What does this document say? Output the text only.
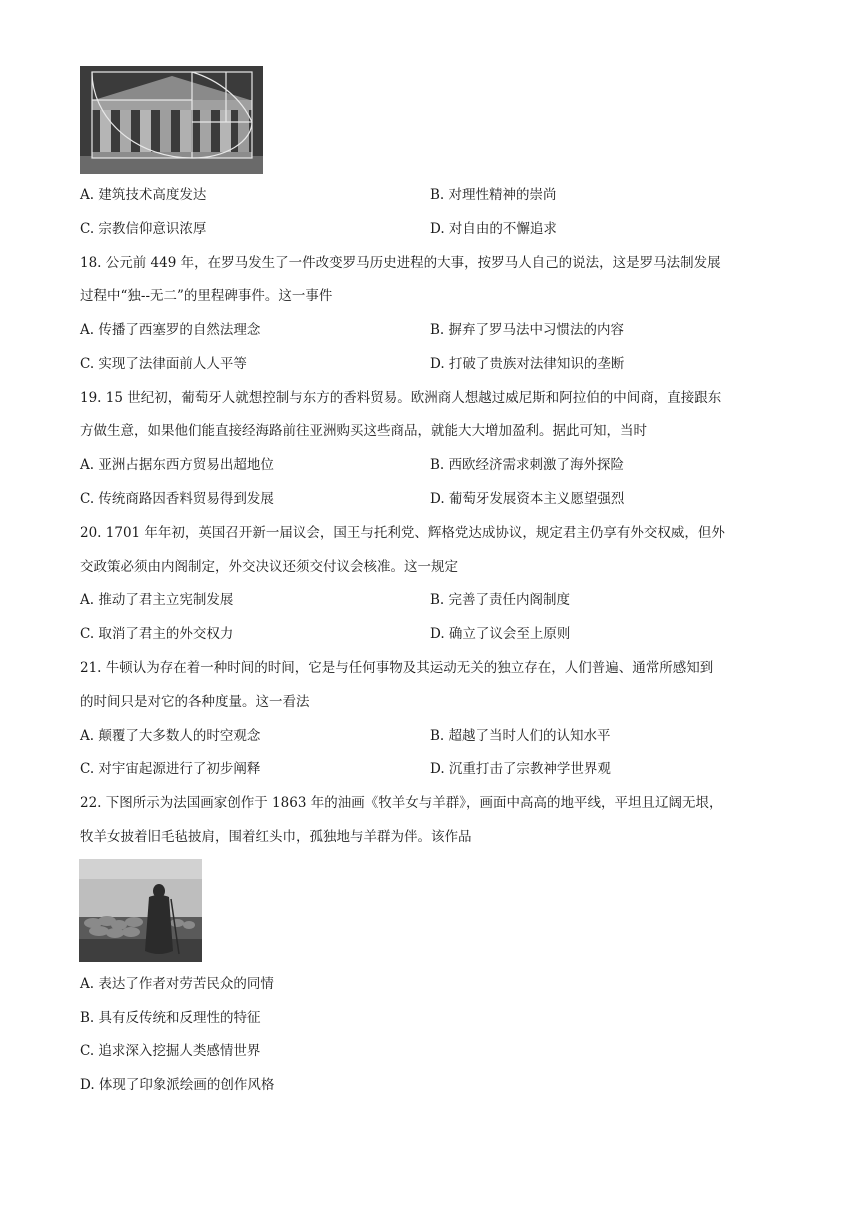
A. 建筑技术高度发达	B. 对理性精神的崇尚
C. 宗教信仰意识浓厚	D. 对自由的不懈追求
18. 公元前 449 年，在罗马发生了一件改变罗马历史进程的大事，按罗马人自己的说法，这是罗马法制发展
过程中“独--无二”的里程碑事件。这一事件
A. 传播了西塞罗的自然法理念	B. 摒弃了罗马法中习惯法的内容
C. 实现了法律面前人人平等	D. 打破了贵族对法律知识的垄断
19. 15 世纪初，葡萄牙人就想控制与东方的香料贸易。欧洲商人想越过威尼斯和阿拉伯的中间商，直接跟东
方做生意，如果他们能直接经海路前往亚洲购买这些商品，就能大大增加盈利。据此可知，当时
A. 亚洲占据东西方贸易出超地位	B. 西欧经济需求刺激了海外探险
C. 传统商路因香料贸易得到发展	D. 葡萄牙发展资本主义愿望强烈
20. 1701 年年初，英国召开新一届议会，国王与托利党、辉格党达成协议，规定君主仍享有外交权威，但外
交政策必须由内阁制定，外交决议还须交付议会核准。这一规定
A. 推动了君主立宪制发展	B. 完善了责任内阁制度
C. 取消了君主的外交权力	D. 确立了议会至上原则
21. 牛顿认为存在着一种时间的时间，它是与任何事物及其运动无关的独立存在，人们普遍、通常所感知到
的时间只是对它的各种度量。这一看法
A. 颠覆了大多数人的时空观念	B. 超越了当时人们的认知水平
C. 对宇宙起源进行了初步阐释	D. 沉重打击了宗教神学世界观
22. 下图所示为法国画家创作于 1863 年的油画《牧羊女与羊群》，画面中高高的地平线，平坦且辽阔无垠，
牧羊女披着旧毛毡披肩，围着红头巾，孤独地与羊群为伴。该作品
A. 表达了作者对劳苦民众的同情
B. 具有反传统和反理性的特征
C. 追求深入挖掘人类感情世界
D. 体现了印象派绘画的创作风格
